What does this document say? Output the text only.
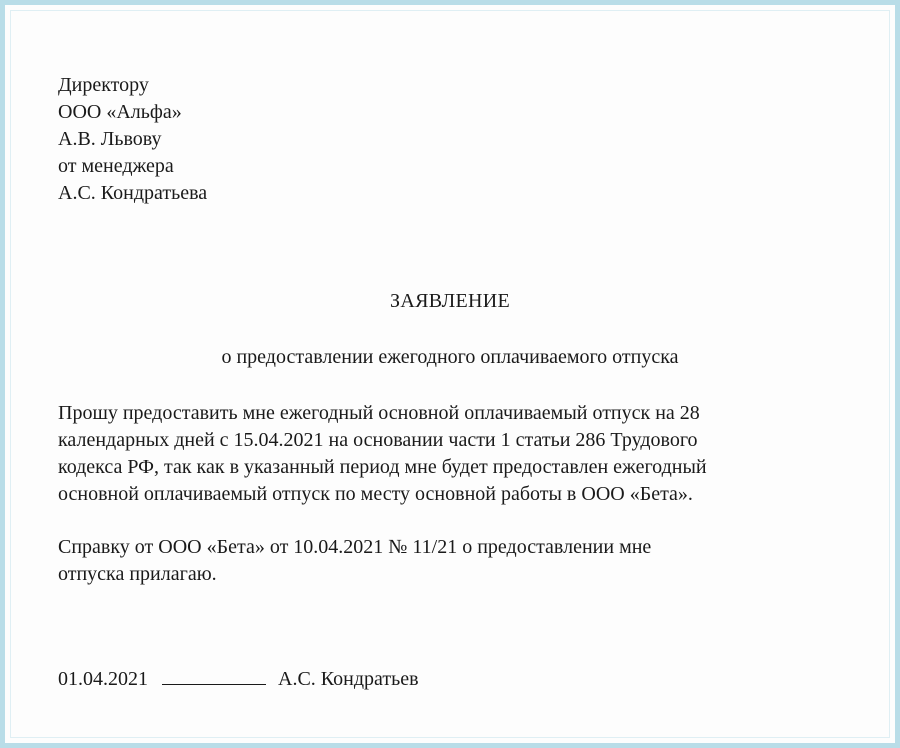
Директору
ООО «Альфа»
А.В. Львову
от менеджера
А.С. Кондратьева
ЗАЯВЛЕНИЕ
о предоставлении ежегодного оплачиваемого отпуска
Прошу предоставить мне ежегодный основной оплачиваемый отпуск на 28
календарных дней с 15.04.2021 на основании части 1 статьи 286 Трудового
кодекса РФ, так как в указанный период мне будет предоставлен ежегодный
основной оплачиваемый отпуск по месту основной работы в ООО «Бета».
Справку от ООО «Бета» от 10.04.2021 № 11/21 о предоставлении мне
отпуска прилагаю.
01.04.2021	А.С. Кондратьев
